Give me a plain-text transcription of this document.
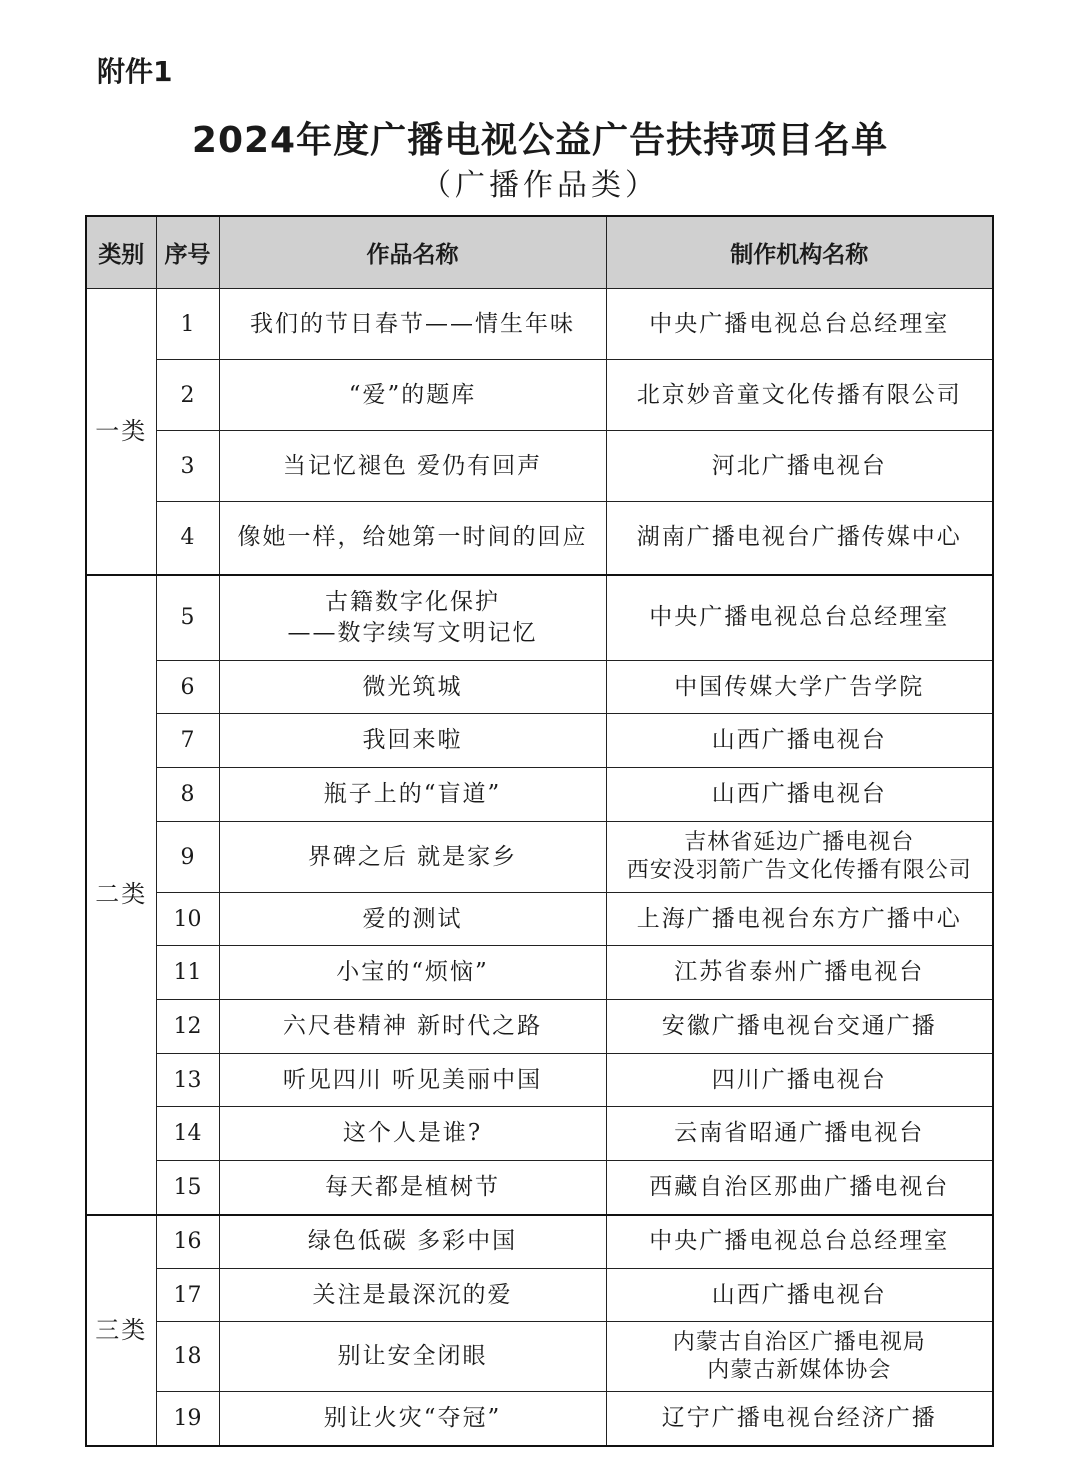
附件1
2024年度广播电视公益广告扶持项目名单
（广播作品类）
类别	序号	作品名称	制作机构名称
一类	1	我们的节日春节——情生年味	中央广播电视总台总经理室

	2	“爱”的题库	北京妙音童文化传播有限公司

	3	当记忆褪色 爱仍有回声	河北广播电视台

	4	像她一样，给她第一时间的回应	湖南广播电视台广播传媒中心

二类	5	古籍数字化保护
——数字续写文明记忆	中央广播电视总台总经理室

	6	微光筑城	中国传媒大学广告学院

	7	我回来啦	山西广播电视台

	8	瓶子上的“盲道”	山西广播电视台

	9	界碑之后 就是家乡	吉林省延边广播电视台
西安没羽箭广告文化传播有限公司

	10	爱的测试	上海广播电视台东方广播中心

	11	小宝的“烦恼”	江苏省泰州广播电视台

	12	六尺巷精神 新时代之路	安徽广播电视台交通广播

	13	听见四川 听见美丽中国	四川广播电视台

	14	这个人是谁?	云南省昭通广播电视台

	15	每天都是植树节	西藏自治区那曲广播电视台

三类	16	绿色低碳 多彩中国	中央广播电视总台总经理室

	17	关注是最深沉的爱	山西广播电视台

	18	别让安全闭眼	内蒙古自治区广播电视局
内蒙古新媒体协会

	19	别让火灾“夺冠”	辽宁广播电视台经济广播
